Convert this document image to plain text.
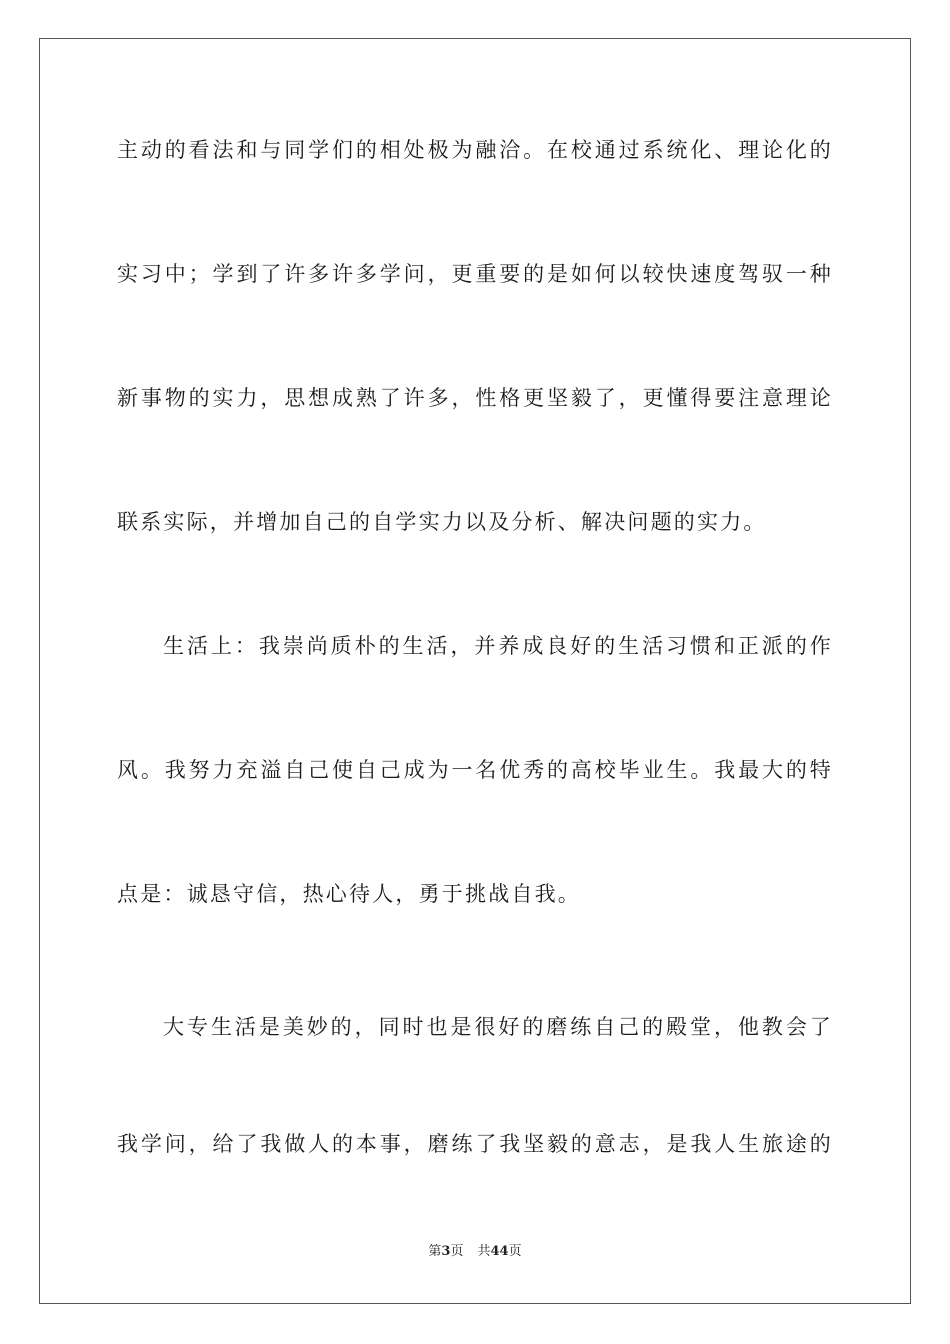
主动的看法和与同学们的相处极为融洽。在校通过系统化、理论化的
实习中；学到了许多许多学问，更重要的是如何以较快速度驾驭一种
新事物的实力，思想成熟了许多，性格更坚毅了，更懂得要注意理论
联系实际，并增加自己的自学实力以及分析、解决问题的实力。
生活上：我崇尚质朴的生活，并养成良好的生活习惯和正派的作
风。我努力充溢自己使自己成为一名优秀的高校毕业生。我最大的特
点是：诚恳守信，热心待人，勇于挑战自我。
大专生活是美妙的，同时也是很好的磨练自己的殿堂，他教会了
我学问，给了我做人的本事，磨练了我坚毅的意志，是我人生旅途的
第3页 共44页
